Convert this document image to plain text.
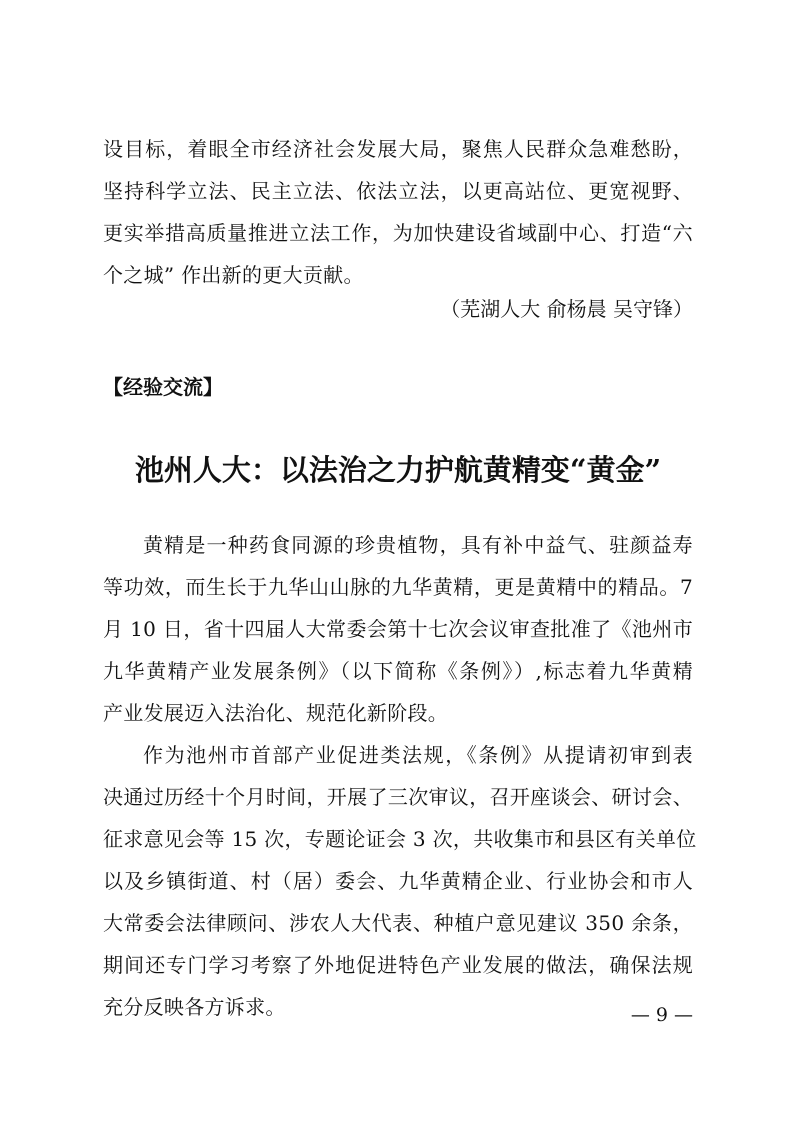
设目标，着眼全市经济社会发展大局，聚焦人民群众急难愁盼，
坚持科学立法、民主立法、依法立法，以更高站位、更宽视野、
更实举措高质量推进立法工作，为加快建设省域副中心、打造“六
个之城” 作出新的更大贡献。
（芜湖人大 俞杨晨 吴守锋）
【经验交流】
池州人大：以法治之力护航黄精变“黄金”
黄精是一种药食同源的珍贵植物，具有补中益气、驻颜益寿
等功效，而生长于九华山山脉的九华黄精，更是黄精中的精品。7
月 10 日，省十四届人大常委会第十七次会议审查批准了《池州市
九华黄精产业发展条例》（以下简称《条例》）,标志着九华黄精
产业发展迈入法治化、规范化新阶段。
作为池州市首部产业促进类法规，《条例》从提请初审到表
决通过历经十个月时间，开展了三次审议，召开座谈会、研讨会、
征求意见会等 15 次，专题论证会 3 次，共收集市和县区有关单位
以及乡镇街道、村（居）委会、九华黄精企业、行业协会和市人
大常委会法律顾问、涉农人大代表、种植户意见建议 350 余条，
期间还专门学习考察了外地促进特色产业发展的做法，确保法规
充分反映各方诉求。	— 9 —
